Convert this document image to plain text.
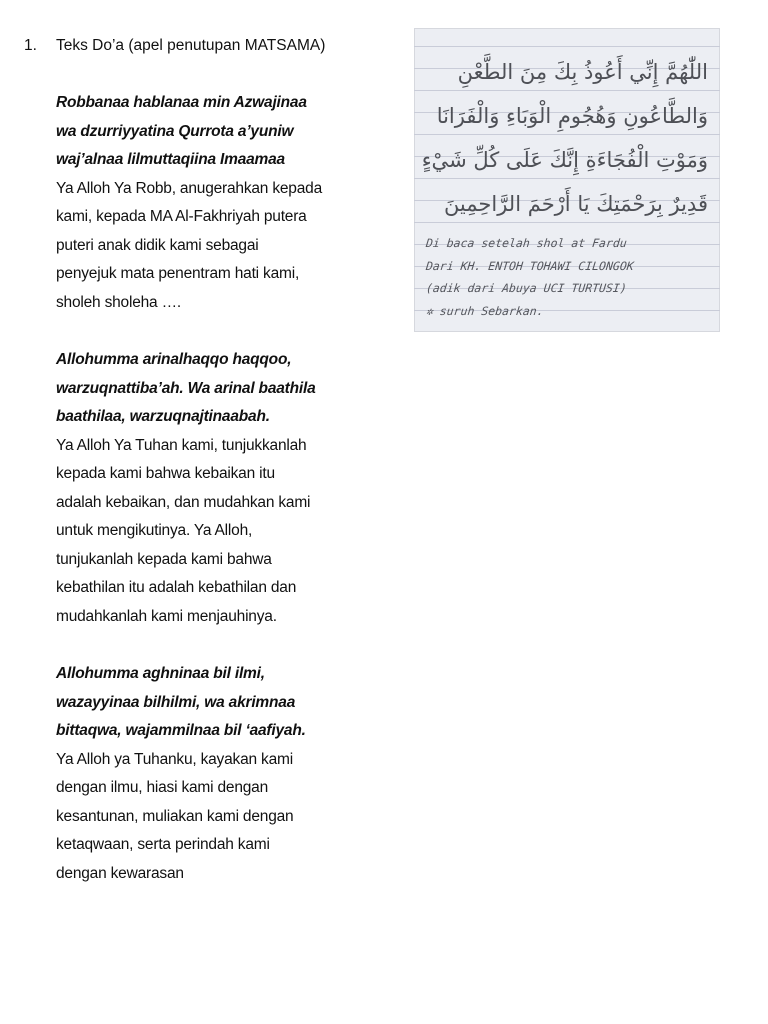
1.	Teks Do’a (apel penutupan MATSAMA)

Robbanaa hablanaa min Azwajinaa

wa dzurriyyatina Qurrota a’yuniw

waj’alnaa lilmuttaqiina Imaamaa

Ya Alloh Ya Robb, anugerahkan kepada

kami, kepada MA Al-Fakhriyah putera

puteri anak didik kami sebagai

penyejuk mata penentram hati kami,

sholeh sholeha ….

Allohumma arinalhaqqo haqqoo,

warzuqnattiba’ah. Wa arinal baathila

baathilaa, warzuqnajtinaabah.

Ya Alloh Ya Tuhan kami, tunjukkanlah

kepada kami bahwa kebaikan itu

adalah kebaikan, dan mudahkan kami

untuk mengikutinya. Ya Alloh,

tunjukanlah kepada kami bahwa

kebathilan itu adalah kebathilan dan

mudahkanlah kami menjauhinya.

Allohumma aghninaa bil ilmi,

wazayyinaa bilhilmi, wa akrimnaa

bittaqwa, wajammilnaa bil ‘aafiyah.

Ya Alloh ya Tuhanku, kayakan kami

dengan ilmu, hiasi kami dengan

kesantunan, muliakan kami dengan

ketaqwaan, serta perindah kami

dengan kewarasan

اللّٰهُمَّ إِنِّي أَعُوذُ بِكَ مِنَ الطَّعْنِ
وَالطَّاعُونِ وَهُجُومِ الْوَبَاءِ وَالْفَرَانَا
وَمَوْتِ الْفُجَاءَةِ إِنَّكَ عَلَى كُلِّ شَيْءٍ
قَدِيرٌ بِرَحْمَتِكَ يَا أَرْحَمَ الرَّاحِمِينَ
Di baca setelah shol at Fardu
Dari KH. ENTOH TOHAWI CILONGOK
(adik dari Abuya UCI TURTUSI)
✲ suruh Sebarkan.
